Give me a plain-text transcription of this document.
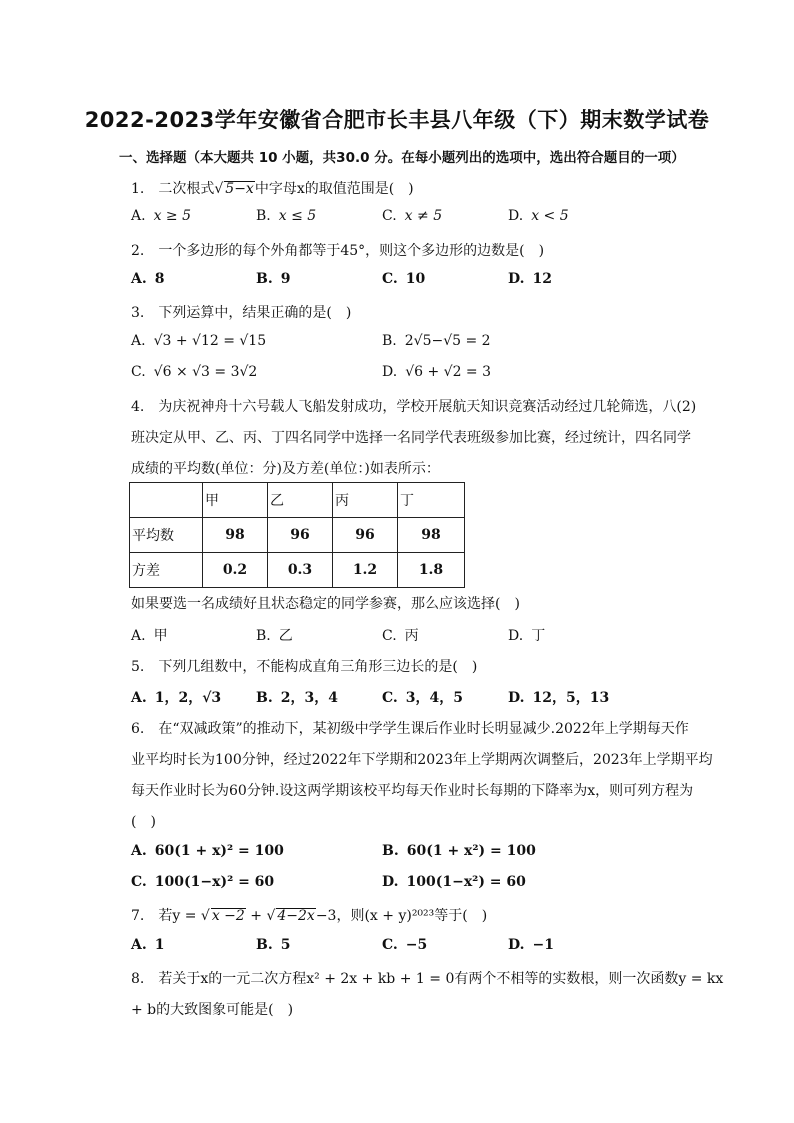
2022-2023学年安徽省合肥市长丰县八年级（下）期末数学试卷
一、选择题（本大题共 10 小题，共30.0 分。在每小题列出的选项中，选出符合题目的一项）
1.　二次根式√ 5−x中字母x的取值范围是(　)
A. x ≥ 5	B. x ≤ 5	C. x ≠ 5	D. x < 5
2.　一个多边形的每个外角都等于45°，则这个多边形的边数是(　)
A. 8	B. 9	C. 10	D. 12
3.　下列运算中，结果正确的是(　)
A. √3 + √12 = √15	B. 2√5−√5 = 2
C. √6 × √3 = 3√2	D. √6 + √2 = 3
4.　为庆祝神舟十六号载人飞船发射成功，学校开展航天知识竞赛活动经过几轮筛选，八(2)
班决定从甲、乙、丙、丁四名同学中选择一名同学代表班级参加比赛，经过统计，四名同学
成绩的平均数(单位：分)及方差(单位：)如表所示：
	甲	乙	丙	丁
平均数	98	96	96	98
方差	0.2	0.3	1.2	1.8
如果要选一名成绩好且状态稳定的同学参赛，那么应该选择(　)
A. 甲	B. 乙	C. 丙	D. 丁
5.　下列几组数中，不能构成直角三角形三边长的是(　)
A. 1，2，√3 B. 2，3，4	C. 3，4，5	D. 12，5，13
6.　在“双减政策”的推动下，某初级中学学生课后作业时长明显减少.2022年上学期每天作
业平均时长为100分钟，经过2022年下学期和2023年上学期两次调整后，2023年上学期平均
每天作业时长为60分钟.设这两学期该校平均每天作业时长每期的下降率为x，则可列方程为
(　)
A. 60(1 + x)² = 100	B. 60(1 + x²) = 100
C. 100(1−x)² = 60	D. 100(1−x²) = 60
7.　若y = √ x −2 + √ 4−2x−3，则(x + y)²⁰²³等于(　)
A. 1	B. 5	C. −5	D. −1
8.　若关于x的一元二次方程x² + 2x + kb + 1 = 0有两个不相等的实数根，则一次函数y = kx
+ b的大致图象可能是(　)
